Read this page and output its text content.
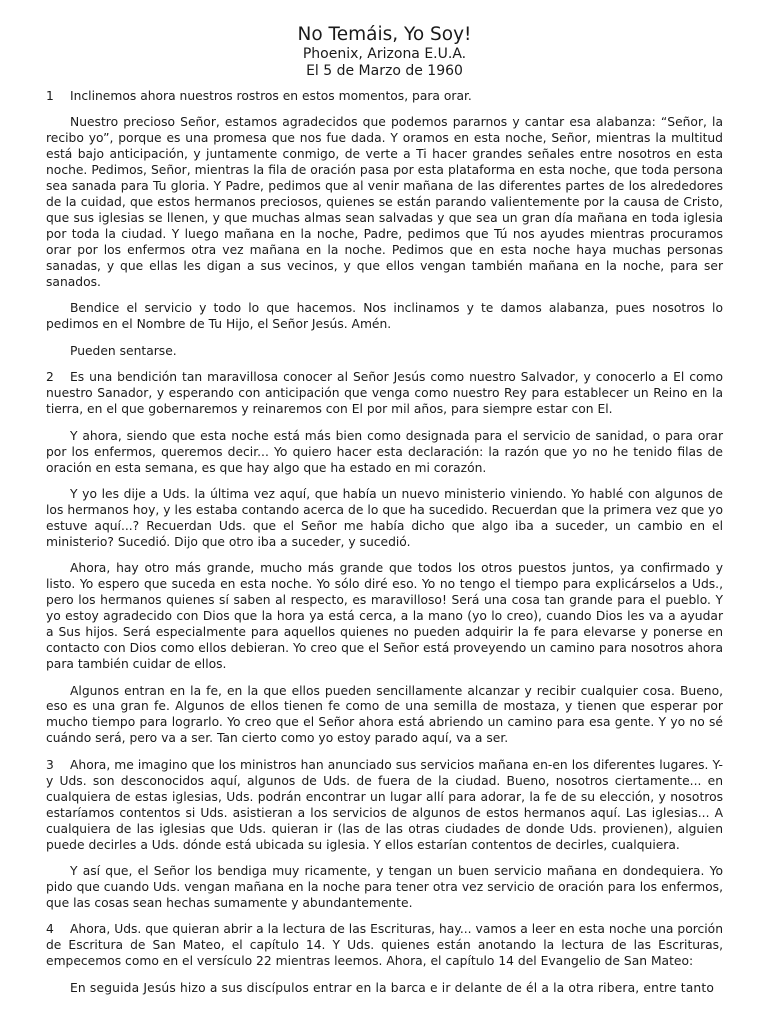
No Temáis, Yo Soy!
Phoenix, Arizona E.U.A.
El 5 de Marzo de 1960

1 Inclinemos ahora nuestros rostros en estos momentos, para orar.

Nuestro precioso Señor, estamos agradecidos que podemos pararnos y cantar esa alabanza: “Señor, la recibo yo”, porque es una promesa que nos fue dada. Y oramos en esta noche, Señor, mientras la multitud está bajo anticipación, y juntamente conmigo, de verte a Ti hacer grandes señales entre nosotros en esta noche. Pedimos, Señor, mientras la fila de oración pasa por esta plataforma en esta noche, que toda persona sea sanada para Tu gloria. Y Padre, pedimos que al venir mañana de las diferentes partes de los alrededores de la cuidad, que estos hermanos preciosos, quienes se están parando valientemente por la causa de Cristo, que sus iglesias se llenen, y que muchas almas sean salvadas y que sea un gran día mañana en toda iglesia por toda la ciudad. Y luego mañana en la noche, Padre, pedimos que Tú nos ayudes mientras procuramos orar por los enfermos otra vez mañana en la noche. Pedimos que en esta noche haya muchas personas sanadas, y que ellas les digan a sus vecinos, y que ellos vengan también mañana en la noche, para ser sanados.

Bendice el servicio y todo lo que hacemos. Nos inclinamos y te damos alabanza, pues nosotros lo pedimos en el Nombre de Tu Hijo, el Señor Jesús. Amén.

Pueden sentarse.

2 Es una bendición tan maravillosa conocer al Señor Jesús como nuestro Salvador, y conocerlo a El como nuestro Sanador, y esperando con anticipación que venga como nuestro Rey para establecer un Reino en la tierra, en el que gobernaremos y reinaremos con El por mil años, para siempre estar con El.

Y ahora, siendo que esta noche está más bien como designada para el servicio de sanidad, o para orar por los enfermos, queremos decir... Yo quiero hacer esta declaración: la razón que yo no he tenido filas de oración en esta semana, es que hay algo que ha estado en mi corazón.

Y yo les dije a Uds. la última vez aquí, que había un nuevo ministerio viniendo. Yo hablé con algunos de los hermanos hoy, y les estaba contando acerca de lo que ha sucedido. Recuerdan que la primera vez que yo estuve aquí...? Recuerdan Uds. que el Señor me había dicho que algo iba a suceder, un cambio en el ministerio? Sucedió. Dijo que otro iba a suceder, y sucedió.

Ahora, hay otro más grande, mucho más grande que todos los otros puestos juntos, ya confirmado y listo. Yo espero que suceda en esta noche. Yo sólo diré eso. Yo no tengo el tiempo para explicárselos a Uds., pero los hermanos quienes sí saben al respecto, es maravilloso! Será una cosa tan grande para el pueblo. Y yo estoy agradecido con Dios que la hora ya está cerca, a la mano (yo lo creo), cuando Dios les va a ayudar a Sus hijos. Será especialmente para aquellos quienes no pueden adquirir la fe para elevarse y ponerse en contacto con Dios como ellos debieran. Yo creo que el Señor está proveyendo un camino para nosotros ahora para también cuidar de ellos.

Algunos entran en la fe, en la que ellos pueden sencillamente alcanzar y recibir cualquier cosa. Bueno, eso es una gran fe. Algunos de ellos tienen fe como de una semilla de mostaza, y tienen que esperar por mucho tiempo para lograrlo. Yo creo que el Señor ahora está abriendo un camino para esa gente. Y yo no sé cuándo será, pero va a ser. Tan cierto como yo estoy parado aquí, va a ser.

3 Ahora, me imagino que los ministros han anunciado sus servicios mañana en-en los diferentes lugares. Y-y Uds. son desconocidos aquí, algunos de Uds. de fuera de la ciudad. Bueno, nosotros ciertamente... en cualquiera de estas iglesias, Uds. podrán encontrar un lugar allí para adorar, la fe de su elección, y nosotros estaríamos contentos si Uds. asistieran a los servicios de algunos de estos hermanos aquí. Las iglesias... A cualquiera de las iglesias que Uds. quieran ir (las de las otras ciudades de donde Uds. provienen), alguien puede decirles a Uds. dónde está ubicada su iglesia. Y ellos estarían contentos de decirles, cualquiera.

Y así que, el Señor los bendiga muy ricamente, y tengan un buen servicio mañana en dondequiera. Yo pido que cuando Uds. vengan mañana en la noche para tener otra vez servicio de oración para los enfermos, que las cosas sean hechas sumamente y abundantemente.

4 Ahora, Uds. que quieran abrir a la lectura de las Escrituras, hay... vamos a leer en esta noche una porción de Escritura de San Mateo, el capítulo 14. Y Uds. quienes están anotando la lectura de las Escrituras, empecemos como en el versículo 22 mientras leemos. Ahora, el capítulo 14 del Evangelio de San Mateo:

En seguida Jesús hizo a sus discípulos entrar en la barca e ir delante de él a la otra ribera, entre tanto
